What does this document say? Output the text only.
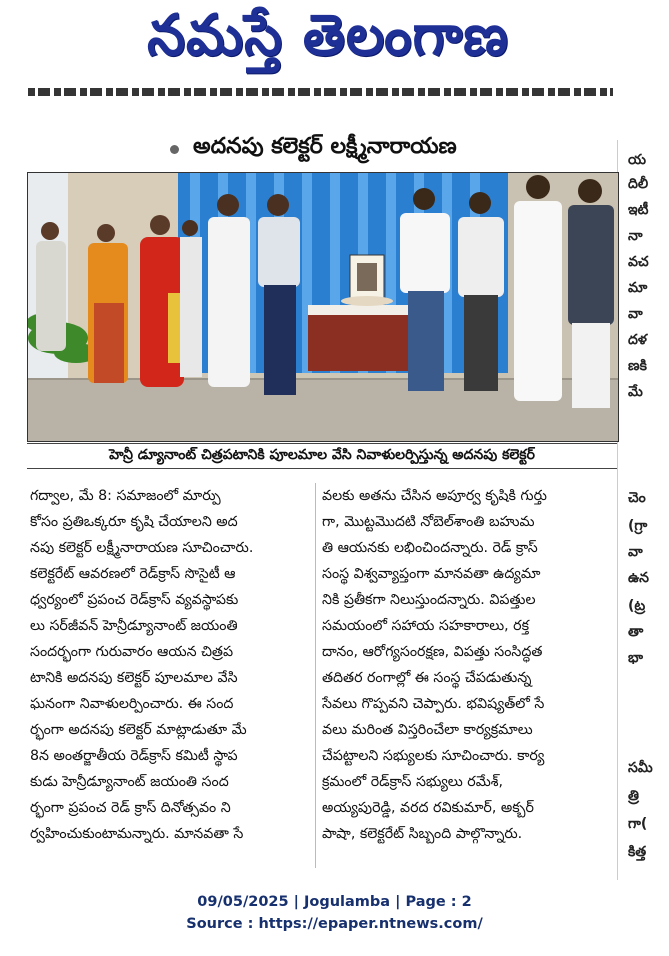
నమస్తే తెలంగాణ
అదనపు కలెక్టర్ లక్ష్మీనారాయణ
య
దిలీ
ఇటీ
నా
వచ
మా
వా
దళ
ణకి
మే
చెం
(గ్రా
వా
ఉన
(ట్ర
తా
భా
సమీ
త్రి
గా(
కిత్త
హెన్రీ డ్యూనాంట్ చిత్రపటానికి పూలమాల వేసి నివాళులర్పిస్తున్న అదనపు కలెక్టర్
గద్వాల, మే 8: సమాజంలో మార్పు
కోసం ప్రతిఒక్కరూ కృషి చేయాలని అద
నపు కలెక్టర్ లక్ష్మీనారాయణ సూచించారు.
కలెక్టరేట్ ఆవరణలో రెడ్‌క్రాస్ సొసైటీ ఆ
ధ్వర్యంలో ప్రపంచ రెడ్‌క్రాస్ వ్యవస్థాపకు
లు సర్‌జీవన్ హెన్రీడ్యూనాంట్ జయంతి
సందర్భంగా గురువారం ఆయన చిత్రప
టానికి అదనపు కలెక్టర్ పూలమాల వేసి
ఘనంగా నివాళులర్పించారు. ఈ సంద
ర్భంగా అదనపు కలెక్టర్ మాట్లాడుతూ మే
8న అంతర్జాతీయ రెడ్‌క్రాస్ కమిటీ స్థాప
కుడు హెన్రీడ్యూనాంట్ జయంతి సంద
ర్భంగా ప్రపంచ రెడ్ క్రాస్ దినోత్సవం ని
ర్వహించుకుంటామన్నారు. మానవతా సే
వలకు అతను చేసిన అపూర్వ కృషికి గుర్తు
గా, మొట్టమొదటి నోబెల్‌శాంతి బహుమ
తి ఆయనకు లభించిందన్నారు. రెడ్ క్రాస్
సంస్థ విశ్వవ్యాప్తంగా మానవతా ఉద్యమా
నికి ప్రతీకగా నిలుస్తుందన్నారు. విపత్తుల
సమయంలో సహాయ సహకారాలు, రక్త
దానం, ఆరోగ్యసంరక్షణ, విపత్తు సంసిద్ధత
తదితర రంగాల్లో ఈ సంస్థ చేపడుతున్న
సేవలు గొప్పవని చెప్పారు. భవిష్యత్‌లో సే
వలు మరింత విస్తరించేలా కార్యక్రమాలు
చేపట్టాలని సభ్యులకు సూచించారు. కార్య
క్రమంలో రెడ్‌క్రాస్ సభ్యులు రమేశ్,
అయ్యపురెడ్డి, వరద రవికుమార్, అక్బర్
పాషా, కలెక్టరేట్ సిబ్బంది పాల్గొన్నారు.
09/05/2025 | Jogulamba | Page : 2
Source : https://epaper.ntnews.com/
